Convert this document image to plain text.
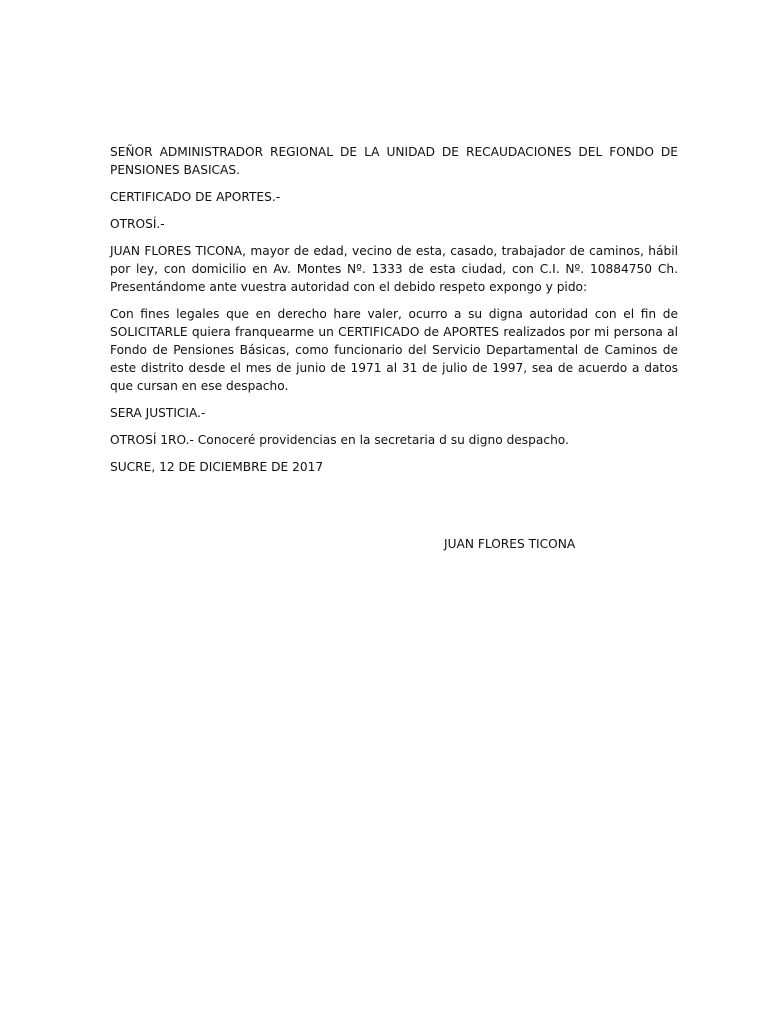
SEÑOR ADMINISTRADOR REGIONAL DE LA UNIDAD DE RECAUDACIONES DEL FONDO DE PENSIONES BASICAS.

CERTIFICADO DE APORTES.-

OTROSÍ.-

JUAN FLORES TICONA, mayor de edad, vecino de esta, casado, trabajador de caminos, hábil por ley, con domicilio en Av. Montes Nº. 1333 de esta ciudad, con C.I. Nº. 10884750 Ch. Presentándome ante vuestra autoridad con el debido respeto expongo y pido:

Con fines legales que en derecho hare valer, ocurro a su digna autoridad con el fin de SOLICITARLE quiera franquearme un CERTIFICADO de APORTES realizados por mi persona al Fondo de Pensiones Básicas, como funcionario del Servicio Departamental de Caminos de este distrito desde el mes de junio de 1971 al 31 de julio de 1997, sea de acuerdo a datos que cursan en ese despacho.

SERA JUSTICIA.-

OTROSÍ 1RO.- Conoceré providencias en la secretaria d su digno despacho.

SUCRE, 12 DE DICIEMBRE DE 2017

JUAN FLORES TICONA
